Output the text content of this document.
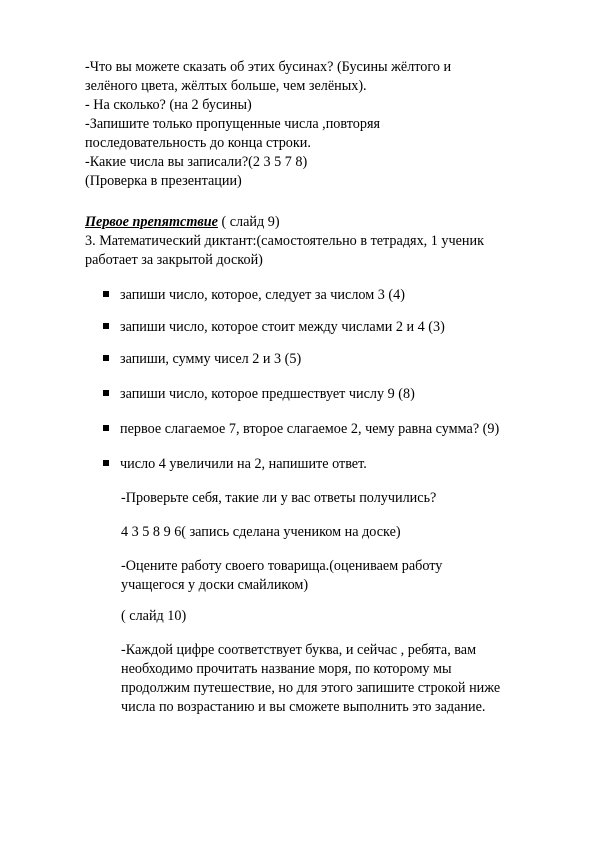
-Что вы можете сказать об этих бусинах? (Бусины жёлтого и
зелёного цвета, жёлтых больше, чем зелёных).
- На сколько? (на 2 бусины)
-Запишите только пропущенные числа ,повторяя
последовательность до конца строки.
-Какие числа вы записали?(2 3 5 7 8)
(Проверка в презентации)
Первое препятствие ( слайд 9)
3. Математический диктант:(самостоятельно в тетрадях, 1 ученик
работает за закрытой доской)
запиши число, которое, следует за числом 3 (4)
запиши число, которое стоит между числами 2 и 4 (3)
запиши, сумму чисел 2 и 3 (5)
запиши число, которое предшествует числу 9 (8)
первое слагаемое 7, второе слагаемое 2, чему равна сумма? (9)
число 4 увеличили на 2, напишите ответ.
-Проверьте себя, такие ли у вас ответы получились?
4 3 5 8 9 6( запись сделана учеником на доске)
-Оцените работу своего товарища.(оцениваем работу
учащегося у доски смайликом)
( слайд 10)
-Каждой цифре соответствует буква, и сейчас , ребята, вам
необходимо прочитать название моря, по которому мы
продолжим путешествие, но для этого запишите строкой ниже
числа по возрастанию и вы сможете выполнить это задание.
